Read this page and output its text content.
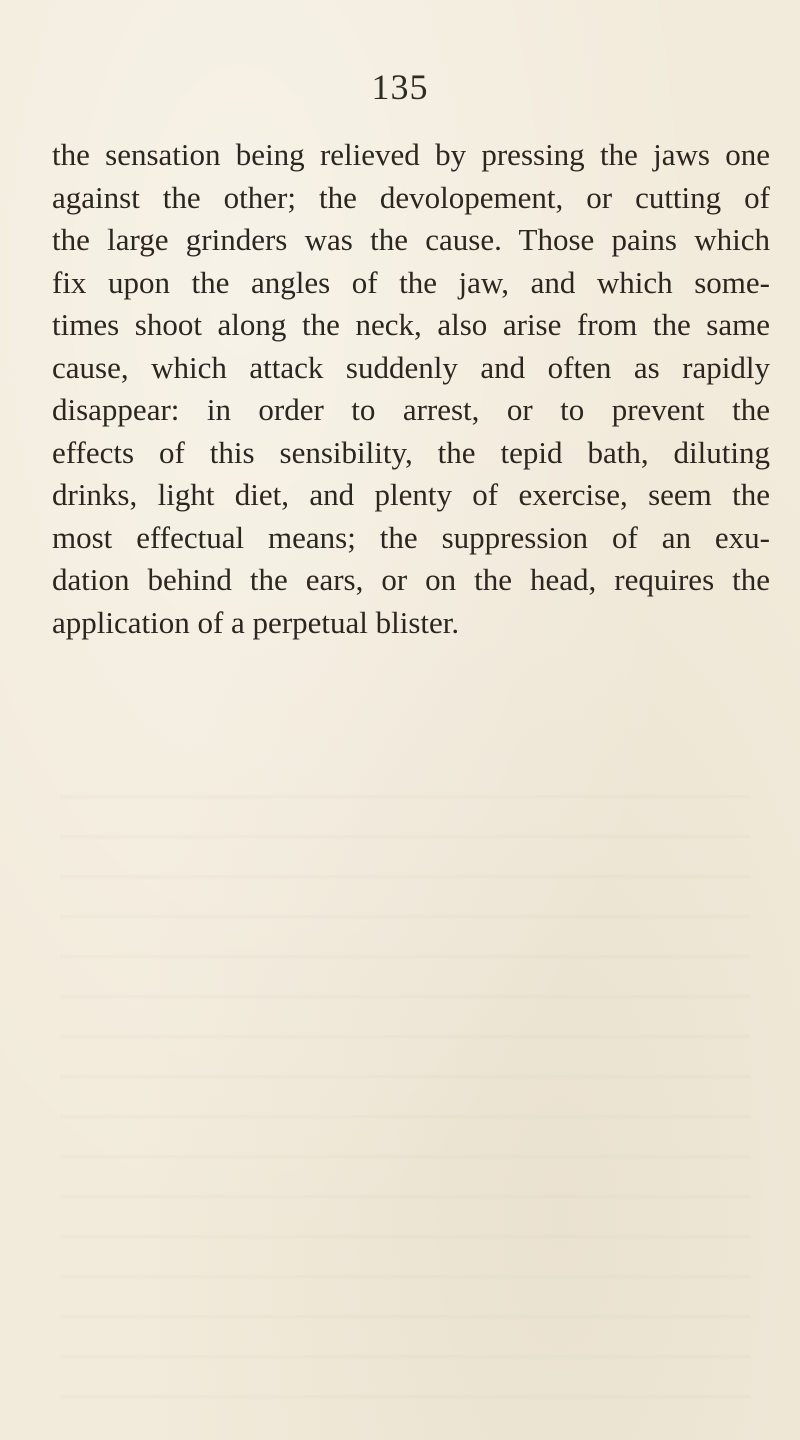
135

the sensation being relieved by pressing the jaws one
against the other; the devolopement, or cutting of
the large grinders was the cause. Those pains which
fix upon the angles of the jaw, and which some-
times shoot along the neck, also arise from the same
cause, which attack suddenly and often as rapidly
disappear: in order to arrest, or to prevent the
effects of this sensibility, the tepid bath, diluting
drinks, light diet, and plenty of exercise, seem the
most effectual means; the suppression of an exu-
dation behind the ears, or on the head, requires the
application of a perpetual blister.
